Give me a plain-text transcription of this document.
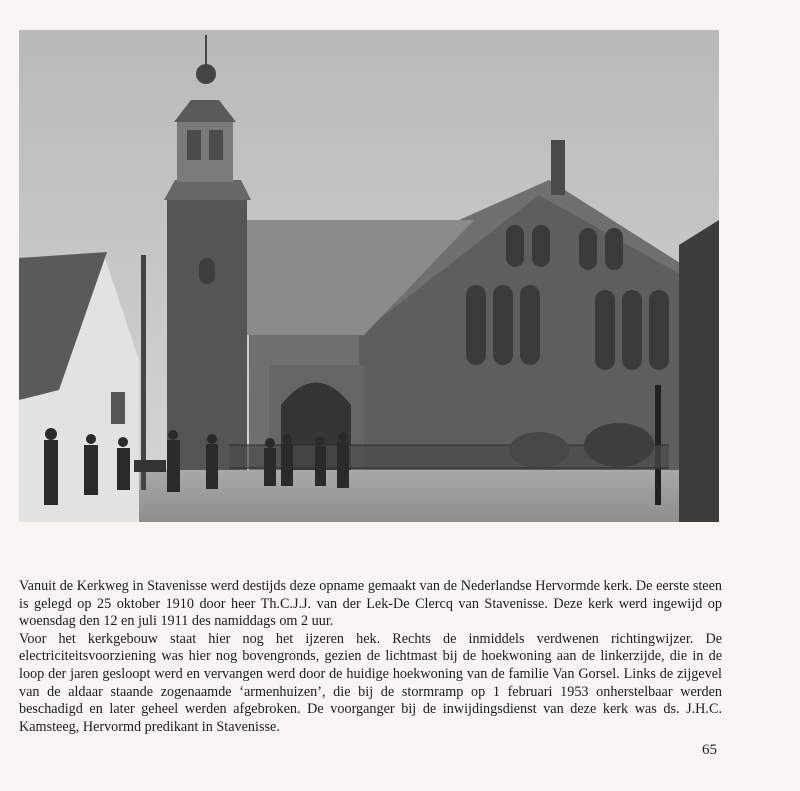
Vanuit de Kerkweg in Stavenisse werd destijds deze opname gemaakt van de Nederlandse Hervormde kerk. De eerste steen is gelegd op 25 oktober 1910 door heer Th.C.J.J. van der Lek-De Clercq van Stavenisse. Deze kerk werd ingewijd op woensdag den 12 en juli 1911 des namiddags om 2 uur.

Voor het kerkgebouw staat hier nog het ijzeren hek. Rechts de inmiddels verdwenen richtingwijzer. De electriciteitsvoorziening was hier nog bovengronds, gezien de lichtmast bij de hoekwoning aan de linkerzijde, die in de loop der jaren gesloopt werd en vervangen werd door de huidige hoekwoning van de familie Van Gorsel. Links de zijgevel van de aldaar staande zogenaamde ‘armenhuizen’, die bij de stormramp op 1 februari 1953 onherstelbaar werden beschadigd en later geheel werden afgebroken. De voorganger bij de inwijdingsdienst van deze kerk was ds. J.H.C. Kamsteeg, Hervormd predikant in Stavenisse.

65
